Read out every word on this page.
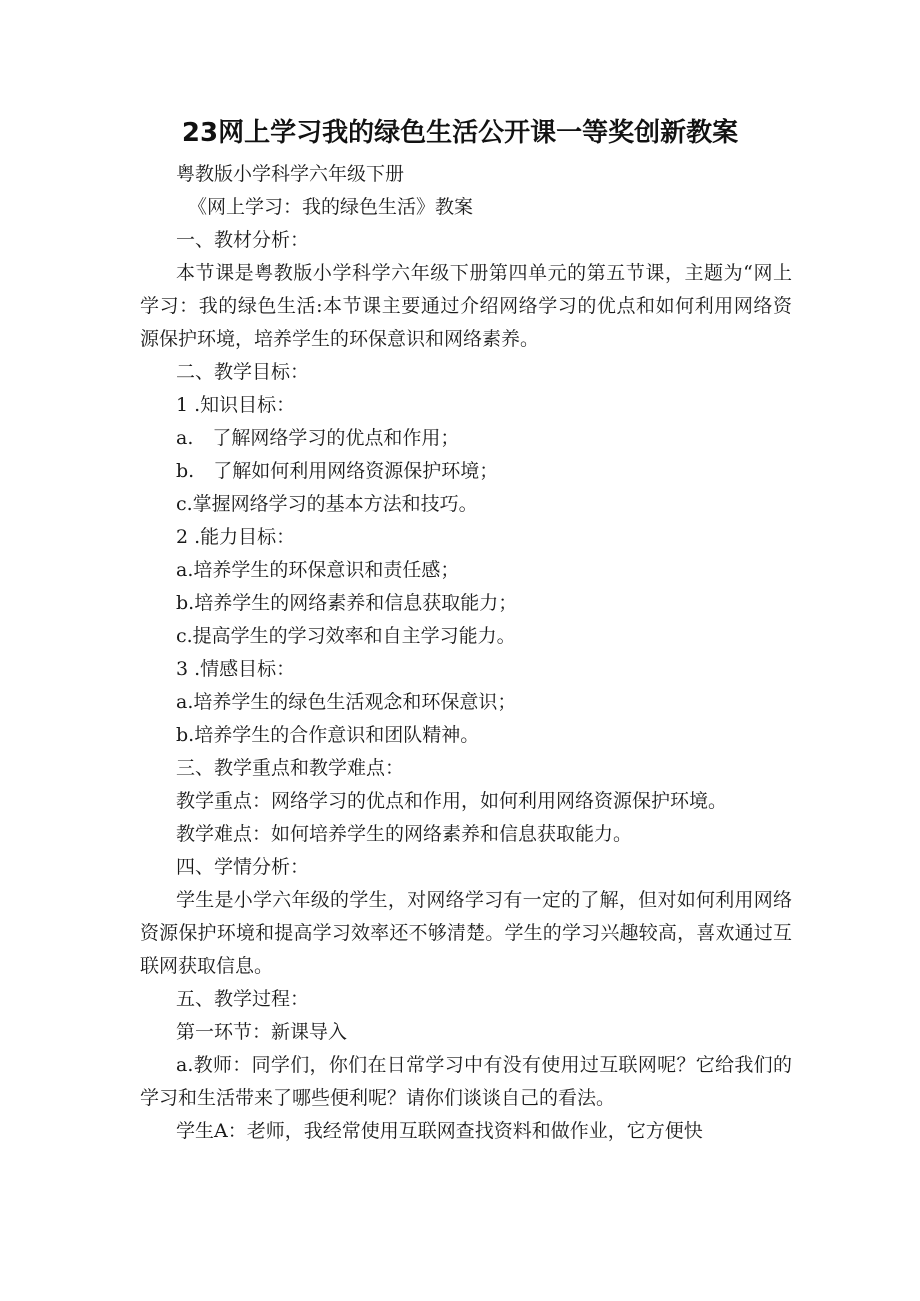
23网上学习我的绿色生活公开课一等奖创新教案

粤教版小学科学六年级下册

《网上学习：我的绿色生活》教案

一、教材分析：

本节课是粤教版小学科学六年级下册第四单元的第五节课，主题为“网上学习：我的绿色生活:本节课主要通过介绍网络学习的优点和如何利用网络资源保护环境，培养学生的环保意识和网络素养。

二、教学目标：

1 .知识目标：

a.　了解网络学习的优点和作用；

b.　了解如何利用网络资源保护环境；

c.掌握网络学习的基本方法和技巧。

2 .能力目标：

a.培养学生的环保意识和责任感；

b.培养学生的网络素养和信息获取能力；

c.提高学生的学习效率和自主学习能力。

3 .情感目标：

a.培养学生的绿色生活观念和环保意识；

b.培养学生的合作意识和团队精神。

三、教学重点和教学难点：

教学重点：网络学习的优点和作用，如何利用网络资源保护环境。

教学难点：如何培养学生的网络素养和信息获取能力。

四、学情分析：

学生是小学六年级的学生，对网络学习有一定的了解，但对如何利用网络资源保护环境和提高学习效率还不够清楚。学生的学习兴趣较高，喜欢通过互联网获取信息。

五、教学过程：

第一环节：新课导入

a.教师：同学们，你们在日常学习中有没有使用过互联网呢？它给我们的学习和生活带来了哪些便利呢？请你们谈谈自己的看法。

学生A：老师，我经常使用互联网查找资料和做作业，它方便快
